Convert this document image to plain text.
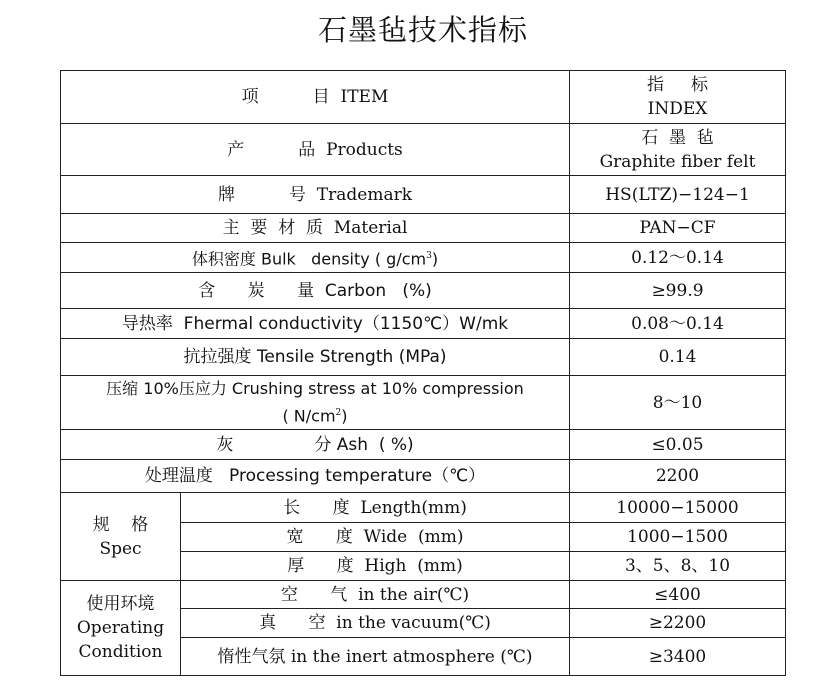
石墨毡技术指标
项          目  ITEM		指     标
INDEX

产          品  Products		石  墨  毡
Graphite fiber felt

牌          号  Trademark		HS(LTZ)−124−1
主  要  材  质  Material		PAN−CF
体积密度 Bulk   density ( $g/cm^3$)		0.12～0.14
含      炭      量  Carbon   (%)		≥99.9
导热率  Fhermal conductivity（1150℃）W/mk		0.08～0.14
抗拉强度 Tensile Strength (MPa)		0.14

压缩 10%压应力 Crushing stress at 10% compression
( $N/cm^2$)		8～10
灰               分 Ash  ( %)		≤0.05
处理温度   Processing temperature（℃）		2200

规    格
Spec	长      度  Length(mm)	10000−15000
	宽      度  Wide  (mm)	1000−1500
	厚      度  High  (mm)	3、5、8、10

使用环境
Operating
Condition	空      气  in the air(℃)	≤400
	真      空  in the vacuum(℃)	≥2200
	惰性气氛 in the inert atmosphere (℃)	≥3400
